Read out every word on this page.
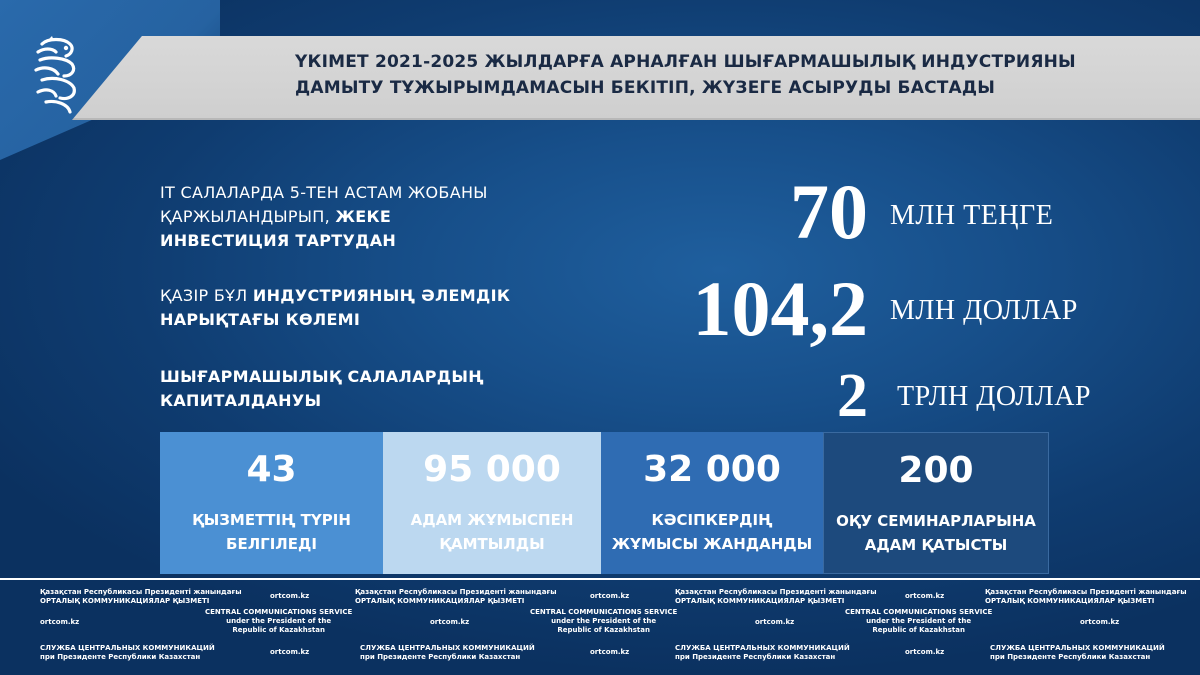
ҮКІМЕТ 2021-2025 ЖЫЛДАРҒА АРНАЛҒАН ШЫҒАРМАШЫЛЫҚ ИНДУСТРИЯНЫ
ДАМЫТУ ТҰЖЫРЫМДАМАСЫН БЕКІТІП, ЖҮЗЕГЕ АСЫРУДЫ БАСТАДЫ
IT САЛАЛАРДА 5-ТЕН АСТАМ ЖОБАНЫ
ҚАРЖЫЛАНДЫРЫП, ЖЕКЕ
ИНВЕСТИЦИЯ ТАРТУДАН	70 МЛН ТЕҢГЕ
ҚАЗІР БҰЛ ИНДУСТРИЯНЫҢ ӘЛЕМДІК
НАРЫҚТАҒЫ КӨЛЕМІ	104,2 МЛН ДОЛЛАР
ШЫҒАРМАШЫЛЫҚ САЛАЛАРДЫҢ
КАПИТАЛДАНУЫ	2 ТРЛН ДОЛЛАР
43
ҚЫЗМЕТТІҢ ТҮРІН
БЕЛГІЛЕДІ
95 000
АДАМ ЖҰМЫСПЕН
ҚАМТЫЛДЫ
32 000
КӘСІПКЕРДІҢ
ЖҰМЫСЫ ЖАНДАНДЫ
200
ОҚУ СЕМИНАРЛАРЫНА
АДАМ ҚАТЫСТЫ
Қазақстан Республикасы Президенті жанындағы
ОРТАЛЫҚ КОММУНИКАЦИЯЛАР ҚЫЗМЕТІ
ortcom.kz	Қазақстан Республикасы Президенті жанындағы
ОРТАЛЫҚ КОММУНИКАЦИЯЛАР ҚЫЗМЕТІ
ortcom.kz	Қазақстан Республикасы Президенті жанындағы
ОРТАЛЫҚ КОММУНИКАЦИЯЛАР ҚЫЗМЕТІ
ortcom.kz	Қазақстан Республикасы Президенті жанындағы
ОРТАЛЫҚ КОММУНИКАЦИЯЛАР ҚЫЗМЕТІ
ortcom.kz
CENTRAL COMMUNICATIONS SERVICE
under the President of the
Republic of Kazakhstan
ortcom.kz
CENTRAL COMMUNICATIONS SERVICE
under the President of the
Republic of Kazakhstan
ortcom.kz
CENTRAL COMMUNICATIONS SERVICE
under the President of the
Republic of Kazakhstan
ortcom.kz
СЛУЖБА ЦЕНТРАЛЬНЫХ КОММУНИКАЦИЙ
при Президенте Республики Казахстан
ortcom.kz	СЛУЖБА ЦЕНТРАЛЬНЫХ КОММУНИКАЦИЙ
при Президенте Республики Казахстан
ortcom.kz	СЛУЖБА ЦЕНТРАЛЬНЫХ КОММУНИКАЦИЙ
при Президенте Республики Казахстан
ortcom.kz	СЛУЖБА ЦЕНТРАЛЬНЫХ КОММУНИКАЦИЙ
при Президенте Республики Казахстан
